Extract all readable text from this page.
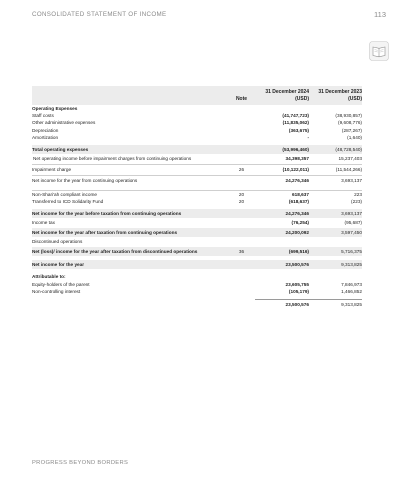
CONSOLIDATED STATEMENT OF INCOME	113
	Note	31 December 2024 (USD)	31 December 2023 (USD)
Operating Expenses			
Staff costs		(41,747,723)	(38,930,857)
Other administrative expenses		(11,835,062)	(9,608,776)
Depreciation		(363,675)	(287,267)
Amortization		-	(1,640)

Total operating expenses		(53,996,460)	(48,728,540)
Net operating income before impairment charges from continuing operations		34,398,357	15,237,403
Impairment charge	26	(10,122,011)	(11,544,266)
Net income for the year from continuing operations		24,276,346	3,693,137

Non-Shari'ah compliant income	20	618,637	223
Transferred to ICD Solidarity Fund	20	(618,637)	(223)

Net income for the year before taxation from continuing operations		24,276,346	3,693,137
Income tax		(76,254)	(95,687)
Net income for the year after taxation from continuing operations		24,200,092	3,597,450
Discontinued operations			
Net (loss)/ income for the year after taxation from discontinued operations	36	(699,516)	5,716,375

Net income for the year		23,500,576	9,313,825

Attributable to:			
Equity-holders of the parent		23,605,755	7,846,973
Non-controlling interest		(105,179)	1,466,852

		23,500,576	9,313,825
PROGRESS BEYOND BORDERS
